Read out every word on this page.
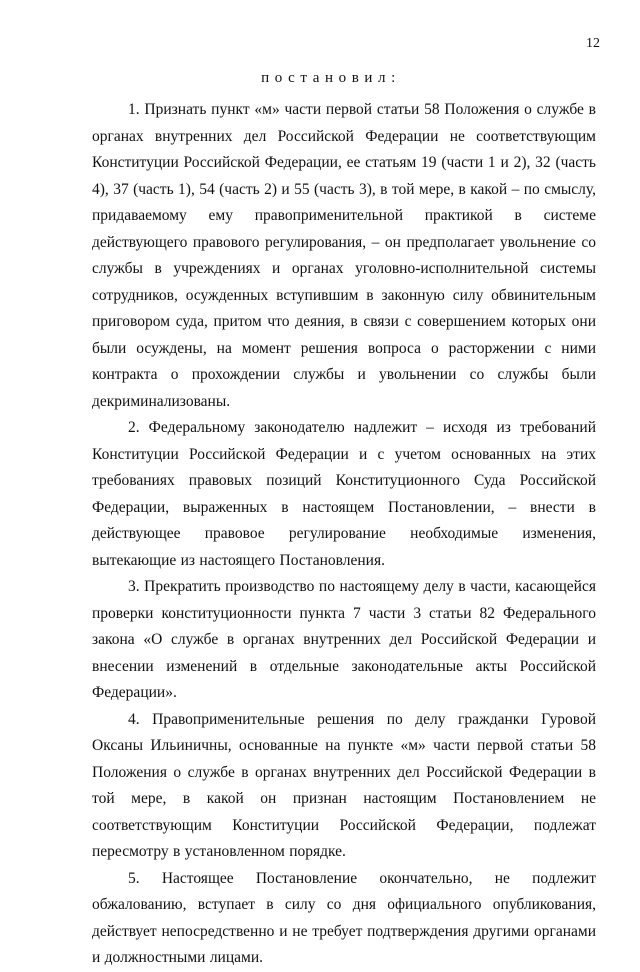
12
постановил:

1. Признать пункт «м» части первой статьи 58 Положения о службе в органах внутренних дел Российской Федерации не соответствующим Конституции Российской Федерации, ее статьям 19 (части 1 и 2), 32 (часть 4), 37 (часть 1), 54 (часть 2) и 55 (часть 3), в той мере, в какой – по смыслу, придаваемому ему правоприменительной практикой в системе действующего правового регулирования, – он предполагает увольнение со службы в учреждениях и органах уголовно-исполнительной системы сотрудников, осужденных вступившим в законную силу обвинительным приговором суда, притом что деяния, в связи с совершением которых они были осуждены, на момент решения вопроса о расторжении с ними контракта о прохождении службы и увольнении со службы были декриминализованы.

2. Федеральному законодателю надлежит – исходя из требований Конституции Российской Федерации и с учетом основанных на этих требованиях правовых позиций Конституционного Суда Российской Федерации, выраженных в настоящем Постановлении, – внести в действующее правовое регулирование необходимые изменения, вытекающие из настоящего Постановления.

3. Прекратить производство по настоящему делу в части, касающейся проверки конституционности пункта 7 части 3 статьи 82 Федерального закона «О службе в органах внутренних дел Российской Федерации и внесении изменений в отдельные законодательные акты Российской Федерации».

4. Правоприменительные решения по делу гражданки Гуровой Оксаны Ильиничны, основанные на пункте «м» части первой статьи 58 Положения о службе в органах внутренних дел Российской Федерации в той мере, в какой он признан настоящим Постановлением не соответствующим Конституции Российской Федерации, подлежат пересмотру в установленном порядке.

5. Настоящее Постановление окончательно, не подлежит обжалованию, вступает в силу со дня официального опубликования, действует непосредственно и не требует подтверждения другими органами и должностными лицами.
